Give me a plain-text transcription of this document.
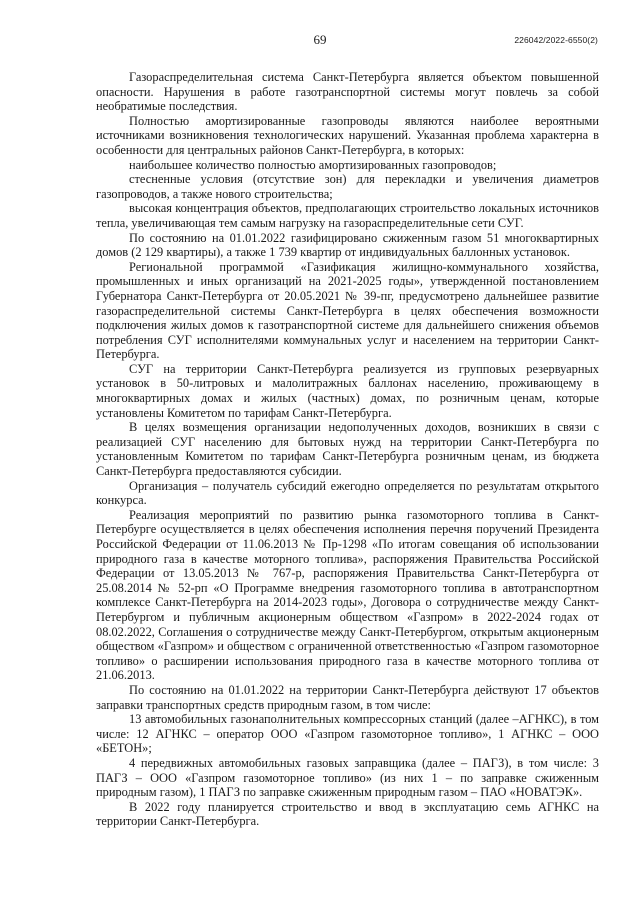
69	226042/2022-6550(2)

Газораспределительная система Санкт-Петербурга является объектом повышенной опасности. Нарушения в работе газотранспортной системы могут повлечь за собой необратимые последствия.

Полностью амортизированные газопроводы являются наиболее вероятными источниками возникновения технологических нарушений. Указанная проблема характерна в особенности для центральных районов Санкт-Петербурга, в которых:

наибольшее количество полностью амортизированных газопроводов;

стесненные условия (отсутствие зон) для перекладки и увеличения диаметров газопроводов, а также нового строительства;

высокая концентрация объектов, предполагающих строительство локальных источников тепла, увеличивающая тем самым нагрузку на газораспределительные сети СУГ.

По состоянию на 01.01.2022 газифицировано сжиженным газом 51 многоквартирных домов (2 129 квартиры), а также 1 739 квартир от индивидуальных баллонных установок.

Региональной программой «Газификация жилищно-коммунального хозяйства, промышленных и иных организаций на 2021-2025 годы», утвержденной постановлением Губернатора Санкт-Петербурга от 20.05.2021 № 39-пг, предусмотрено дальнейшее развитие газораспределительной системы Санкт-Петербурга в целях обеспечения возможности подключения жилых домов к газотранспортной системе для дальнейшего снижения объемов потребления СУГ исполнителями коммунальных услуг и населением на территории Санкт-Петербурга.

СУГ на территории Санкт-Петербурга реализуется из групповых резервуарных установок в 50-литровых и малолитражных баллонах населению, проживающему в многоквартирных домах и жилых (частных) домах, по розничным ценам, которые установлены Комитетом по тарифам Санкт-Петербурга.

В целях возмещения организации недополученных доходов, возникших в связи с реализацией СУГ населению для бытовых нужд на территории Санкт-Петербурга по установленным Комитетом по тарифам Санкт-Петербурга розничным ценам, из бюджета Санкт-Петербурга предоставляются субсидии.

Организация – получатель субсидий ежегодно определяется по результатам открытого конкурса.

Реализация мероприятий по развитию рынка газомоторного топлива в Санкт-Петербурге осуществляется в целях обеспечения исполнения перечня поручений Президента Российской Федерации от 11.06.2013 № Пр-1298 «По итогам совещания об использовании природного газа в качестве моторного топлива», распоряжения Правительства Российской Федерации от 13.05.2013 № 767-р, распоряжения Правительства Санкт-Петербурга от 25.08.2014 № 52-рп «О Программе внедрения газомоторного топлива в автотранспортном комплексе Санкт-Петербурга на 2014-2023 годы», Договора о сотрудничестве между Санкт-Петербургом и публичным акционерным обществом «Газпром» в 2022-2024 годах от 08.02.2022, Соглашения о сотрудничестве между Санкт-Петербургом, открытым акционерным обществом «Газпром» и обществом с ограниченной ответственностью «Газпром газомоторное топливо» о расширении использования природного газа в качестве моторного топлива от 21.06.2013.

По состоянию на 01.01.2022 на территории Санкт-Петербурга действуют 17 объектов заправки транспортных средств природным газом, в том числе:

13 автомобильных газонаполнительных компрессорных станций (далее –АГНКС), в том числе: 12 АГНКС – оператор ООО «Газпром газомоторное топливо», 1 АГНКС – ООО «БЕТОН»;

4 передвижных автомобильных газовых заправщика (далее – ПАГЗ), в том числе: 3 ПАГЗ – ООО «Газпром газомоторное топливо» (из них 1 – по заправке сжиженным природным газом), 1 ПАГЗ по заправке сжиженным природным газом – ПАО «НОВАТЭК».

В 2022 году планируется строительство и ввод в эксплуатацию семь АГНКС на территории Санкт-Петербурга.
